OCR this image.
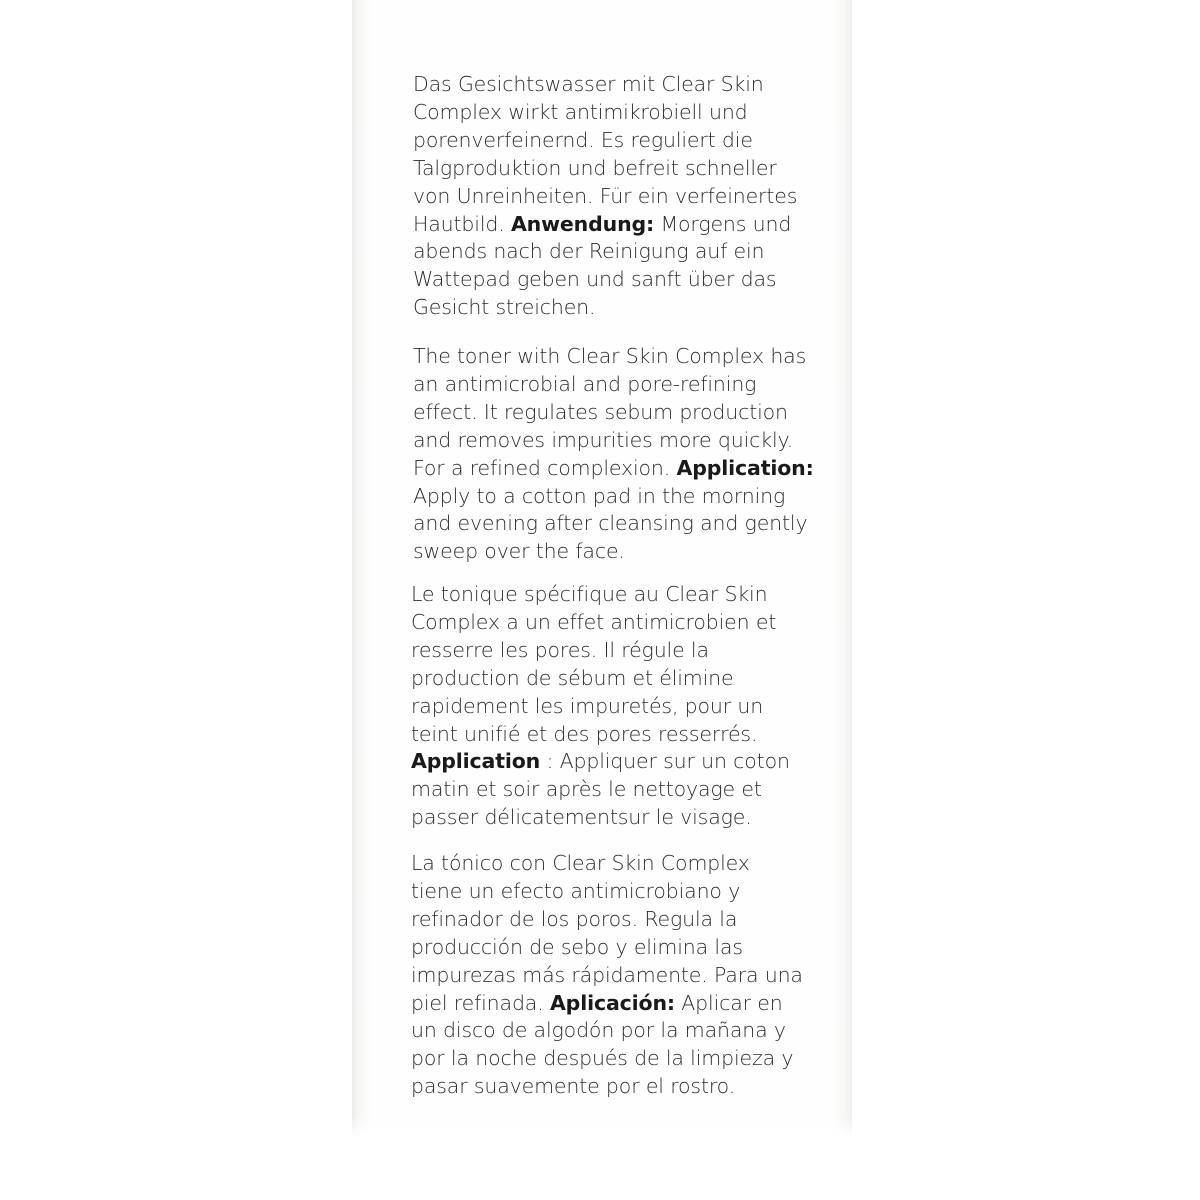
Das Gesichtswasser mit Clear Skin
Complex wirkt antimikrobiell und
porenverfeinernd. Es reguliert die
Talgproduktion und befreit schneller
von Unreinheiten. Für ein verfeinertes
Hautbild. Anwendung: Morgens und
abends nach der Reinigung auf ein
Wattepad geben und sanft über das
Gesicht streichen.
The toner with Clear Skin Complex has
an antimicrobial and pore-refining
effect. It regulates sebum production
and removes impurities more quickly.
For a refined complexion. Application:
Apply to a cotton pad in the morning
and evening after cleansing and gently
sweep over the face.
Le tonique spécifique au Clear Skin
Complex a un effet antimicrobien et
resserre les pores. Il régule la
production de sébum et élimine
rapidement les impuretés, pour un
teint unifié et des pores resserrés.
Application : Appliquer sur un coton
matin et soir après le nettoyage et
passer délicatementsur le visage.
La tónico con Clear Skin Complex
tiene un efecto antimicrobiano y
refinador de los poros. Regula la
producción de sebo y elimina las
impurezas más rápidamente. Para una
piel refinada. Aplicación: Aplicar en
un disco de algodón por la mañana y
por la noche después de la limpieza y
pasar suavemente por el rostro.
